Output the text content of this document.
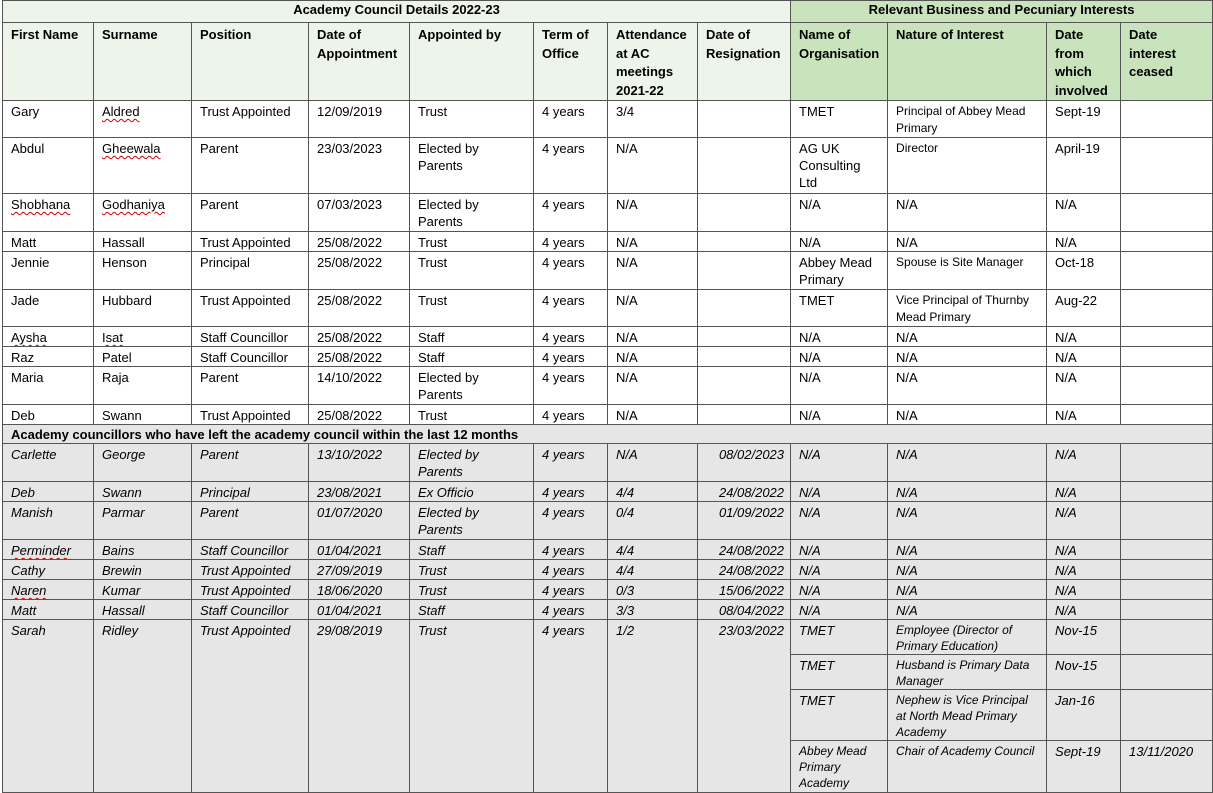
Academy Council Details 2022-23								Relevant Business and Pecuniary Interests			
First Name	Surname	Position	Date of Appointment	Appointed by	Term of Office	Attendance at AC meetings 2021-22	Date of Resignation	Name of Organisation	Nature of Interest	Date from which involved	Date interest ceased
Gary	Aldred	Trust Appointed	12/09/2019	Trust	4 years	3/4		TMET	Principal of Abbey Mead Primary	Sept-19	
Abdul	Gheewala	Parent	23/03/2023	Elected by Parents	4 years	N/A		AG UK Consulting Ltd	Director	April-19	
Shobhana	Godhaniya	Parent	07/03/2023	Elected by Parents	4 years	N/A		N/A	N/A	N/A	
Matt	Hassall	Trust Appointed	25/08/2022	Trust	4 years	N/A		N/A	N/A	N/A	
Jennie	Henson	Principal	25/08/2022	Trust	4 years	N/A		Abbey Mead Primary	Spouse is Site Manager	Oct-18	
Jade	Hubbard	Trust Appointed	25/08/2022	Trust	4 years	N/A		TMET	Vice Principal of Thurnby Mead Primary	Aug-22	
Aysha	Isat	Staff Councillor	25/08/2022	Staff	4 years	N/A		N/A	N/A	N/A	
Raz	Patel	Staff Councillor	25/08/2022	Staff	4 years	N/A		N/A	N/A	N/A	
Maria	Raja	Parent	14/10/2022	Elected by Parents	4 years	N/A		N/A	N/A	N/A	
Deb	Swann	Trust Appointed	25/08/2022	Trust	4 years	N/A		N/A	N/A	N/A	
Academy councillors who have left the academy council within the last 12 months											
Carlette	George	Parent	13/10/2022	Elected by Parents	4 years	N/A	08/02/2023	N/A	N/A	N/A	
Deb	Swann	Principal	23/08/2021	Ex Officio	4 years	4/4	24/08/2022	N/A	N/A	N/A	
Manish	Parmar	Parent	01/07/2020	Elected by Parents	4 years	0/4	01/09/2022	N/A	N/A	N/A	
Perminder	Bains	Staff Councillor	01/04/2021	Staff	4 years	4/4	24/08/2022	N/A	N/A	N/A	
Cathy	Brewin	Trust Appointed	27/09/2019	Trust	4 years	4/4	24/08/2022	N/A	N/A	N/A	
Naren	Kumar	Trust Appointed	18/06/2020	Trust	4 years	0/3	15/06/2022	N/A	N/A	N/A	
Matt	Hassall	Staff Councillor	01/04/2021	Staff	4 years	3/3	08/04/2022	N/A	N/A	N/A	
Sarah	Ridley	Trust Appointed	29/08/2019	Trust	4 years	1/2	23/03/2022	TMET	Employee (Director of Primary Education)	Nov-15	
								TMET	Husband is Primary Data Manager	Nov-15	
								TMET	Nephew is Vice Principal at North Mead Primary Academy	Jan-16	
								Abbey Mead Primary Academy	Chair of Academy Council	Sept-19	13/11/2020
